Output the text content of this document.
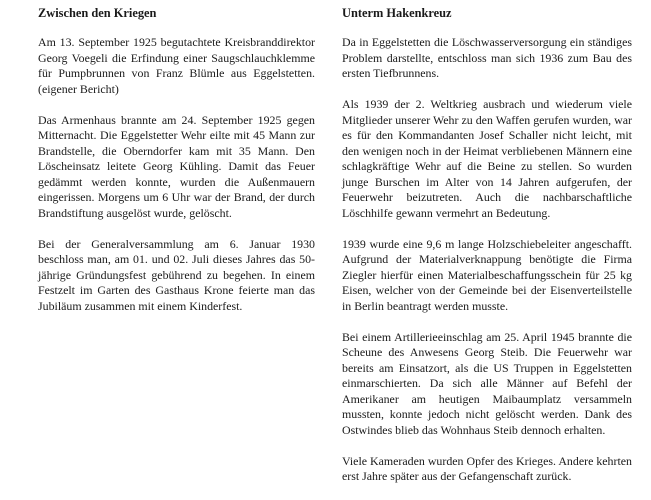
Zwischen den Kriegen

Am 13. September 1925 begutachtete Kreisbranddirektor Georg Voegeli die Erfindung einer Saugschlauchklemme für Pumpbrunnen von Franz Blümle aus Eggelstetten. (eigener Bericht)

Das Armenhaus brannte am 24. September 1925 gegen Mitternacht. Die Eggelstetter Wehr eilte mit 45 Mann zur Brandstelle, die Oberndorfer kam mit 35 Mann. Den Löscheinsatz leitete Georg Kühling. Damit das Feuer gedämmt werden konnte, wurden die Außenmauern eingerissen. Morgens um 6 Uhr war der Brand, der durch Brandstiftung ausgelöst wurde, gelöscht.

Bei der Generalversammlung am 6. Januar 1930 beschloss man, am 01. und 02. Juli dieses Jahres das 50-jährige Gründungsfest gebührend zu begehen. In einem Festzelt im Garten des Gasthaus Krone feierte man das Jubiläum zusammen mit einem Kinderfest.

Unterm Hakenkreuz

Da in Eggelstetten die Löschwasserversorgung ein ständiges Problem darstellte, entschloss man sich 1936 zum Bau des ersten Tiefbrunnens.

Als 1939 der 2. Weltkrieg ausbrach und wiederum viele Mitglieder unserer Wehr zu den Waffen gerufen wurden, war es für den Kommandanten Josef Schaller nicht leicht, mit den wenigen noch in der Heimat verbliebenen Männern eine schlagkräftige Wehr auf die Beine zu stellen. So wurden junge Burschen im Alter von 14 Jahren aufgerufen, der Feuerwehr beizutreten. Auch die nachbarschaftliche Löschhilfe gewann vermehrt an Bedeutung.

1939 wurde eine 9,6 m lange Holzschiebeleiter angeschafft. Aufgrund der Materialverknappung benötigte die Firma Ziegler hierfür einen Materialbeschaffungsschein für 25 kg Eisen, welcher von der Gemeinde bei der Eisenverteilstelle in Berlin beantragt werden musste.

Bei einem Artillerieeinschlag am 25. April 1945 brannte die Scheune des Anwesens Georg Steib. Die Feuerwehr war bereits am Einsatzort, als die US Truppen in Eggelstetten einmarschierten. Da sich alle Männer auf Befehl der Amerikaner am heutigen Maibaumplatz versammeln mussten, konnte jedoch nicht gelöscht werden. Dank des Ostwindes blieb das Wohnhaus Steib dennoch erhalten.

Viele Kameraden wurden Opfer des Krieges. Andere kehrten erst Jahre später aus der Gefangenschaft zurück.
